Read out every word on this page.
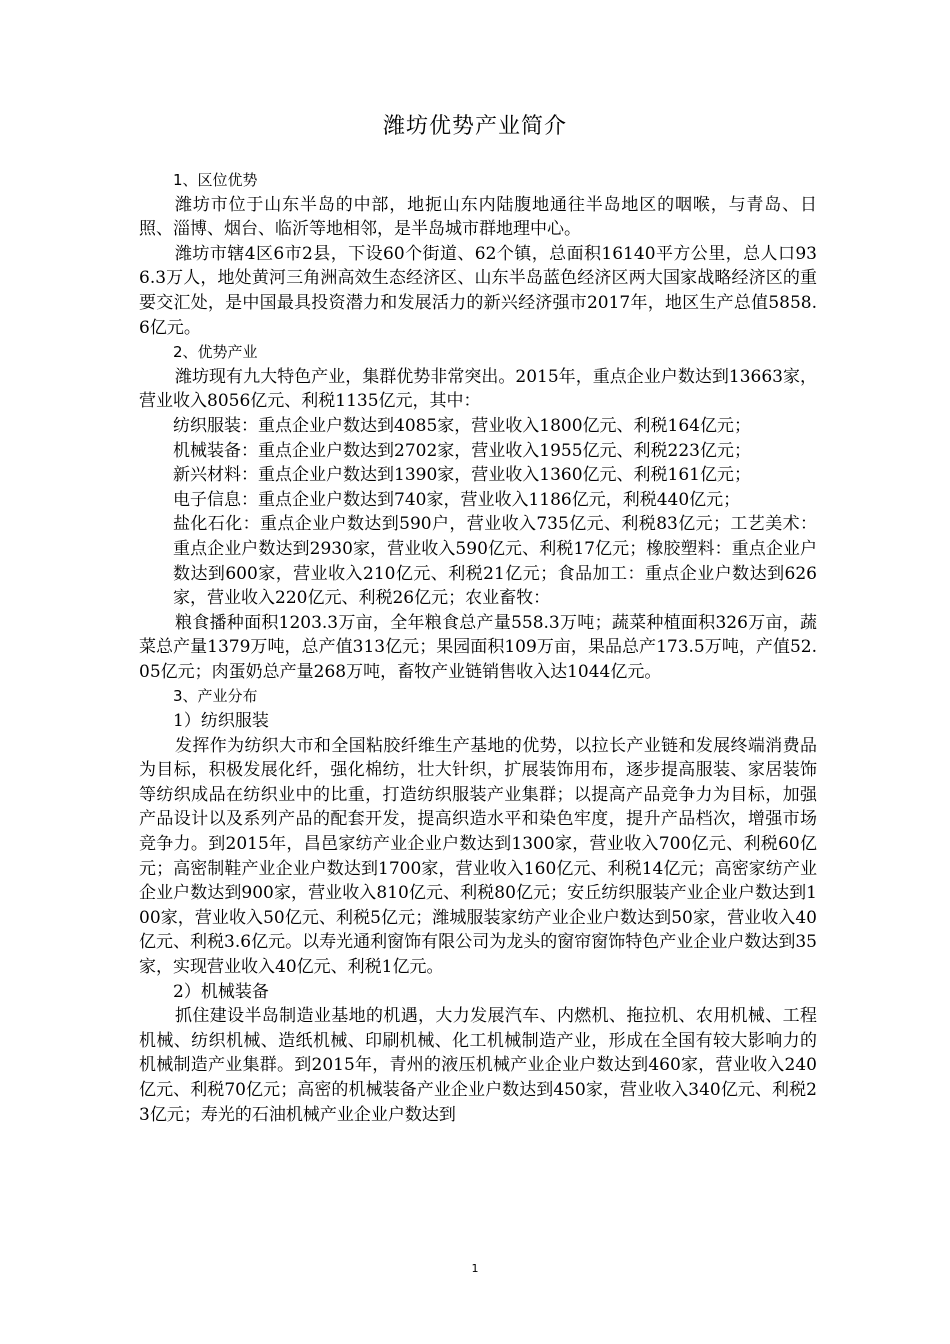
潍坊优势产业简介

1、区位优势

潍坊市位于山东半岛的中部，地扼山东内陆腹地通往半岛地区的咽喉，与青岛、日照、淄博、烟台、临沂等地相邻，是半岛城市群地理中心。

潍坊市辖4区6市2县，下设60个街道、62个镇，总面积16140平方公里，总人口936.3万人，地处黄河三角洲高效生态经济区、山东半岛蓝色经济区两大国家战略经济区的重要交汇处，是中国最具投资潜力和发展活力的新兴经济强市2017年，地区生产总值5858.6亿元。

2、优势产业

潍坊现有九大特色产业，集群优势非常突出。2015年，重点企业户数达到13663家，营业收入8056亿元、利税1135亿元，其中：

纺织服装：重点企业户数达到4085家，营业收入1800亿元、利税164亿元；

机械装备：重点企业户数达到2702家，营业收入1955亿元、利税223亿元；

新兴材料：重点企业户数达到1390家，营业收入1360亿元、利税161亿元；

电子信息：重点企业户数达到740家，营业收入1186亿元，利税440亿元；

盐化石化：重点企业户数达到590户，营业收入735亿元、利税83亿元；工艺美术：重点企业户数达到2930家，营业收入590亿元、利税17亿元；橡胶塑料：重点企业户数达到600家，营业收入210亿元、利税21亿元；食品加工：重点企业户数达到626家，营业收入220亿元、利税26亿元；农业畜牧：

粮食播种面积1203.3万亩，全年粮食总产量558.3万吨；蔬菜种植面积326万亩，蔬菜总产量1379万吨，总产值313亿元；果园面积109万亩，果品总产173.5万吨，产值52.05亿元；肉蛋奶总产量268万吨，畜牧产业链销售收入达1044亿元。

3、产业分布

1）纺织服装

发挥作为纺织大市和全国粘胶纤维生产基地的优势，以拉长产业链和发展终端消费品为目标，积极发展化纤，强化棉纺，壮大针织，扩展装饰用布，逐步提高服装、家居装饰等纺织成品在纺织业中的比重，打造纺织服装产业集群；以提高产品竞争力为目标，加强产品设计以及系列产品的配套开发，提高织造水平和染色牢度，提升产品档次，增强市场竞争力。到2015年，昌邑家纺产业企业户数达到1300家，营业收入700亿元、利税60亿元；高密制鞋产业企业户数达到1700家，营业收入160亿元、利税14亿元；高密家纺产业企业户数达到900家，营业收入810亿元、利税80亿元；安丘纺织服装产业企业户数达到100家，营业收入50亿元、利税5亿元；潍城服装家纺产业企业户数达到50家，营业收入40亿元、利税3.6亿元。以寿光通利窗饰有限公司为龙头的窗帘窗饰特色产业企业户数达到35家，实现营业收入40亿元、利税1亿元。

2）机械装备

抓住建设半岛制造业基地的机遇，大力发展汽车、内燃机、拖拉机、农用机械、工程机械、纺织机械、造纸机械、印刷机械、化工机械制造产业，形成在全国有较大影响力的机械制造产业集群。到2015年，青州的液压机械产业企业户数达到460家，营业收入240亿元、利税70亿元；高密的机械装备产业企业户数达到450家，营业收入340亿元、利税23亿元；寿光的石油机械产业企业户数达到

1
